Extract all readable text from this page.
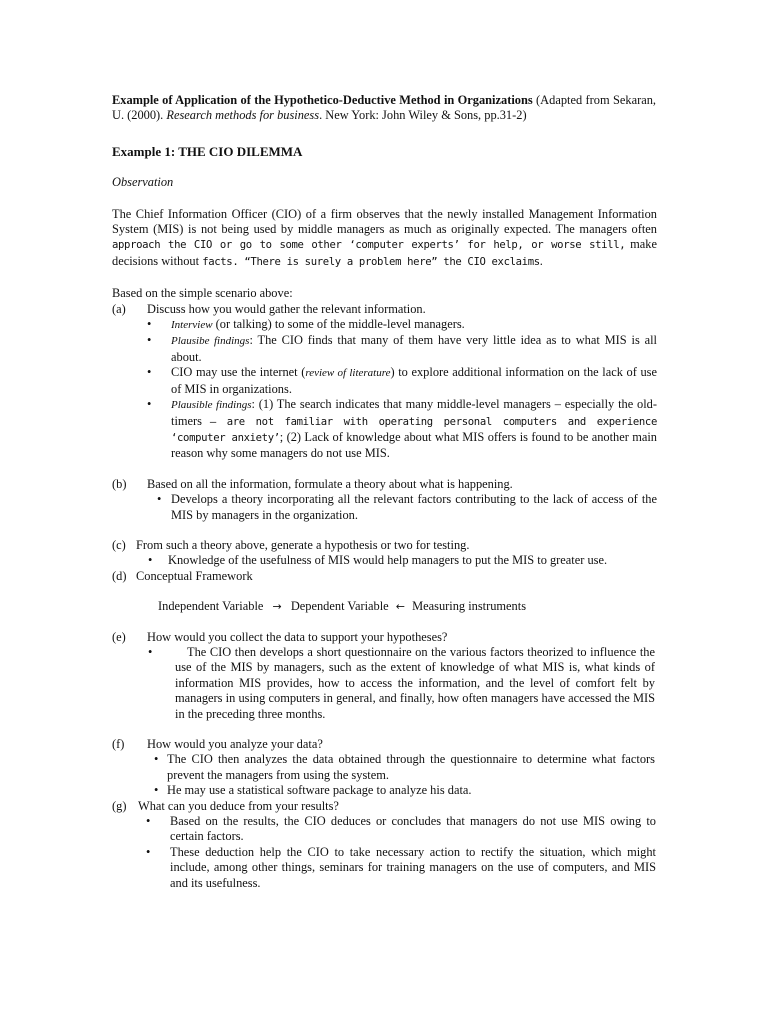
Example of Application of the Hypothetico-Deductive Method in Organizations (Adapted from Sekaran, U. (2000). Research methods for business. New York: John Wiley & Sons, pp.31-2)

Example 1: THE CIO DILEMMA

Observation

The Chief Information Officer (CIO) of a firm observes that the newly installed Management Information System (MIS) is not being used by middle managers as much as originally expected. The managers often approach the CIO or go to some other ‘computer experts’ for help, or worse still, make decisions without facts. “There is surely a problem here” the CIO exclaims.

Based on the simple scenario above:

(a)	Discuss how you would gather the relevant information.
•	Interview (or talking) to some of the middle-level managers.
•	Plausibe findings: The CIO finds that many of them have very little idea as to what MIS is all about.
•	CIO may use the internet (review of literature) to explore additional information on the lack of use of MIS in organizations.
•	Plausible findings: (1) The search indicates that many middle-level managers – especially the old-timers – are not familiar with operating personal computers and experience ‘computer anxiety’; (2) Lack of knowledge about what MIS offers is found to be another main reason why some managers do not use MIS.
(b)	Based on all the information, formulate a theory about what is happening.
• Develops a theory incorporating all the relevant factors contributing to the lack of access of the MIS by managers in the organization.
(c) From such a theory above, generate a hypothesis or two for testing.
•	Knowledge of the usefulness of MIS would help managers to put the MIS to greater use.
(d) Conceptual Framework
Independent Variable → Dependent Variable ← Measuring instruments
(e)	How would you collect the data to support your hypotheses?
•	The CIO then develops a short questionnaire on the various factors theorized to influence the use of the MIS by managers, such as the extent of knowledge of what MIS is, what kinds of information MIS provides, how to access the information, and the level of comfort felt by managers in using computers in general, and finally, how often managers have accessed the MIS in the preceding three months.
(f)	How would you analyze your data?
• The CIO then analyzes the data obtained through the questionnaire to determine what factors prevent the managers from using the system.
• He may use a statistical software package to analyze his data.
(g) What can you deduce from your results?
•	Based on the results, the CIO deduces or concludes that managers do not use MIS owing to certain factors.
•	These deduction help the CIO to take necessary action to rectify the situation, which might include, among other things, seminars for training managers on the use of computers, and MIS and its usefulness.
